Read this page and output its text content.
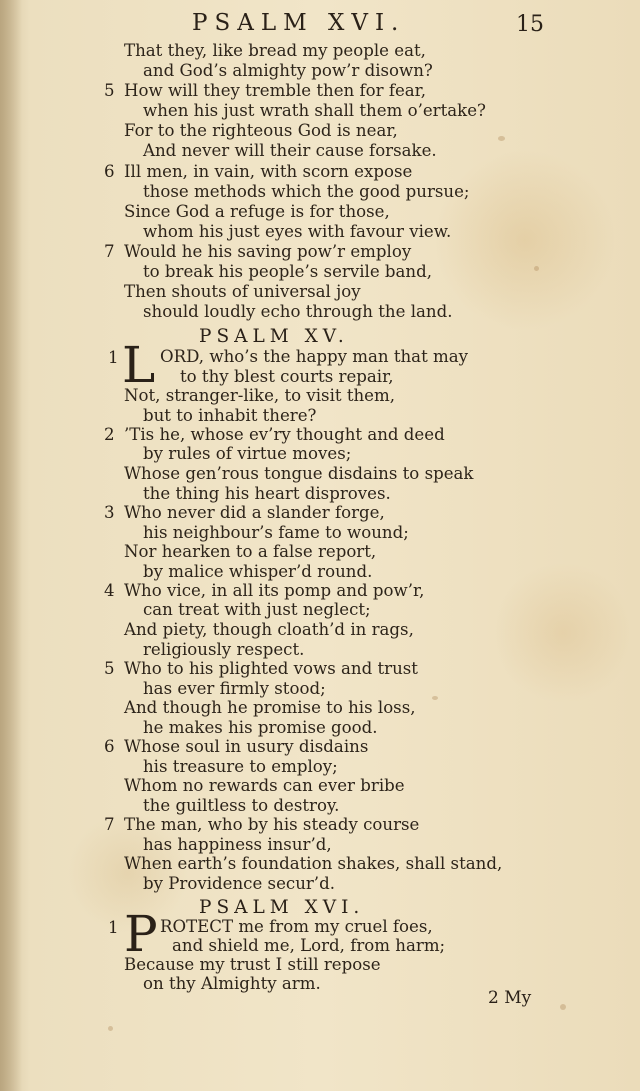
PSALM XVI.	15
That they, like bread my people eat,
and God’s almighty pow’r disown?
5 How will they tremble then for fear,
when his just wrath shall them o’ertake?
For to the righteous God is near,
And never will their cause forsake.
6 Ill men, in vain, with scorn expose
those methods which the good pursue;
Since God a refuge is for those,
whom his just eyes with favour view.
7 Would he his saving pow’r employ
to break his people’s servile band,
Then shouts of universal joy
should loudly echo through the land.
PSALM XV.
1 L ORD, who’s the happy man that may
to thy blest courts repair,
Not, stranger-like, to visit them,
but to inhabit there?
2 ’Tis he, whose ev’ry thought and deed
by rules of virtue moves;
Whose gen’rous tongue disdains to speak
the thing his heart disproves.
3 Who never did a slander forge,
his neighbour’s fame to wound;
Nor hearken to a false report,
by malice whisper’d round.
4 Who vice, in all its pomp and pow’r,
can treat with just neglect;
And piety, though cloath’d in rags,
religiously respect.
5 Who to his plighted vows and trust
has ever firmly stood;
And though he promise to his loss,
he makes his promise good.
6 Whose soul in usury disdains
his treasure to employ;
Whom no rewards can ever bribe
the guiltless to destroy.
7 The man, who by his steady course
has happiness insur’d,
When earth’s foundation shakes, shall stand,
by Providence secur’d.
PSALM XVI.
1 P ROTECT me from my cruel foes,
and shield me, Lord, from harm;
Because my trust I still repose
on thy Almighty arm.
2 My
